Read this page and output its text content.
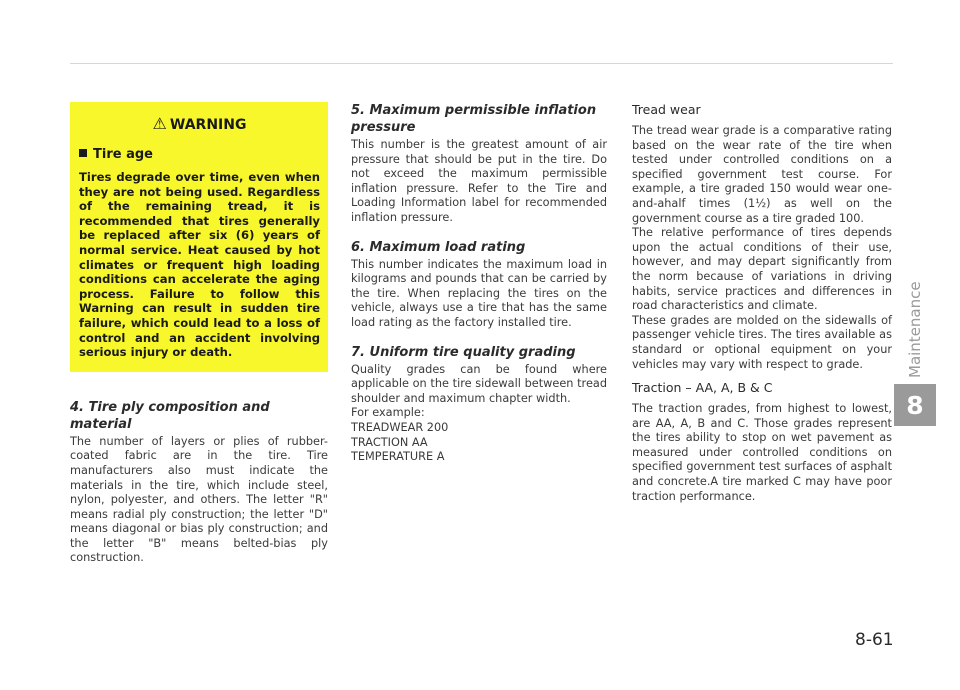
Maintenance
8
⚠ WARNING
Tire age
Tires degrade over time, even when they are not being used. Regardless of the remaining tread, it is recommended that tires generally be replaced after six (6) years of normal service. Heat caused by hot climates or frequent high loading conditions can accelerate the aging process. Failure to follow this Warning can result in sudden tire failure, which could lead to a loss of control and an accident involving serious injury or death.
4. Tire ply composition and material
The number of layers or plies of rubber- coated fabric are in the tire. Tire manufacturers also must indicate the materials in the tire, which include steel, nylon, polyester, and others. The letter "R" means radial ply construction; the letter "D" means diagonal or bias ply construction; and the letter "B" means belted-bias ply construction.
5. Maximum permissible inflation pressure
This number is the greatest amount of air pressure that should be put in the tire. Do not exceed the maximum permissible inflation pressure. Refer to the Tire and Loading Information label for recommended inflation pressure.
6. Maximum load rating
This number indicates the maximum load in kilograms and pounds that can be carried by the tire. When replacing the tires on the vehicle, always use a tire that has the same load rating as the factory installed tire.
7. Uniform tire quality grading
Quality grades can be found where applicable on the tire sidewall between tread shoulder and maximum chapter width.
For example:
TREADWEAR 200
TRACTION AA
TEMPERATURE A
Tread wear
The tread wear grade is a comparative rating based on the wear rate of the tire when tested under controlled conditions on a specified government test course. For example, a tire graded 150 would wear one-and-ahalf times (1½) as well on the government course as a tire graded 100.
The relative performance of tires depends upon the actual conditions of their use, however, and may depart significantly from the norm because of variations in driving habits, service practices and differences in road characteristics and climate.
These grades are molded on the sidewalls of passenger vehicle tires. The tires available as standard or optional equipment on your vehicles may vary with respect to grade.
Traction – AA, A, B & C
The traction grades, from highest to lowest, are AA, A, B and C. Those grades represent the tires ability to stop on wet pavement as measured under controlled conditions on specified government test surfaces of asphalt and concrete.A tire marked C may have poor traction performance.
8-61
